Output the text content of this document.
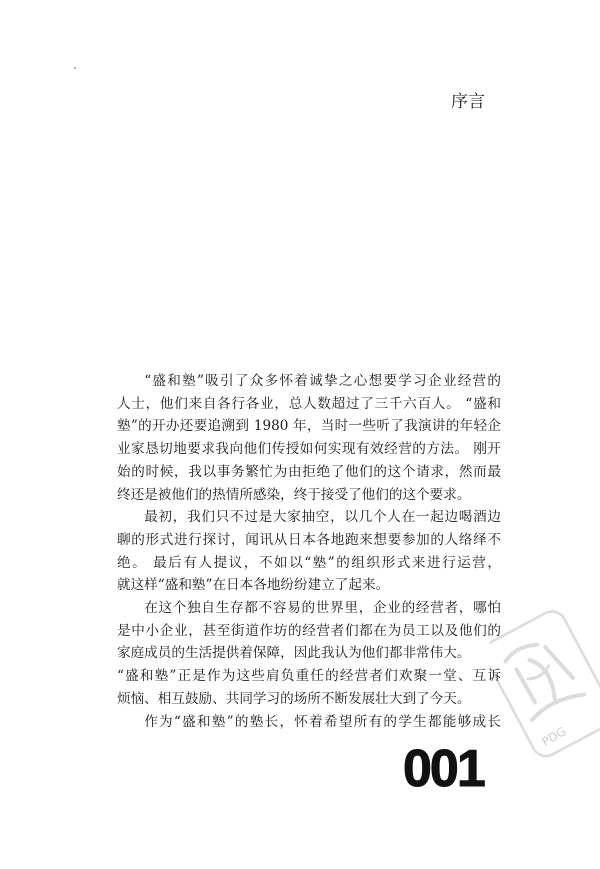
序言
PDG
“盛和塾”吸引了众多怀着诚挚之心想要学习企业经营的
人士，他们来自各行各业，总人数超过了三千六百人。 “盛和
塾”的开办还要追溯到 1980 年，当时一些听了我演讲的年轻企
业家恳切地要求我向他们传授如何实现有效经营的方法。 刚开
始的时候，我以事务繁忙为由拒绝了他们的这个请求，然而最
终还是被他们的热情所感染，终于接受了他们的这个要求。
最初，我们只不过是大家抽空，以几个人在一起边喝酒边
聊的形式进行探讨，闻讯从日本各地跑来想要参加的人络绎不
绝。 最后有人提议，不如以“塾”的组织形式来进行运营，
就这样“盛和塾”在日本各地纷纷建立了起来。
在这个独自生存都不容易的世界里，企业的经营者，哪怕
是中小企业，甚至街道作坊的经营者们都在为员工以及他们的
家庭成员的生活提供着保障，因此我认为他们都非常伟大。
“盛和塾”正是作为这些肩负重任的经营者们欢聚一堂、互诉
烦恼、相互鼓励、共同学习的场所不断发展壮大到了今天。
作为“盛和塾”的塾长，怀着希望所有的学生都能够成长
001
